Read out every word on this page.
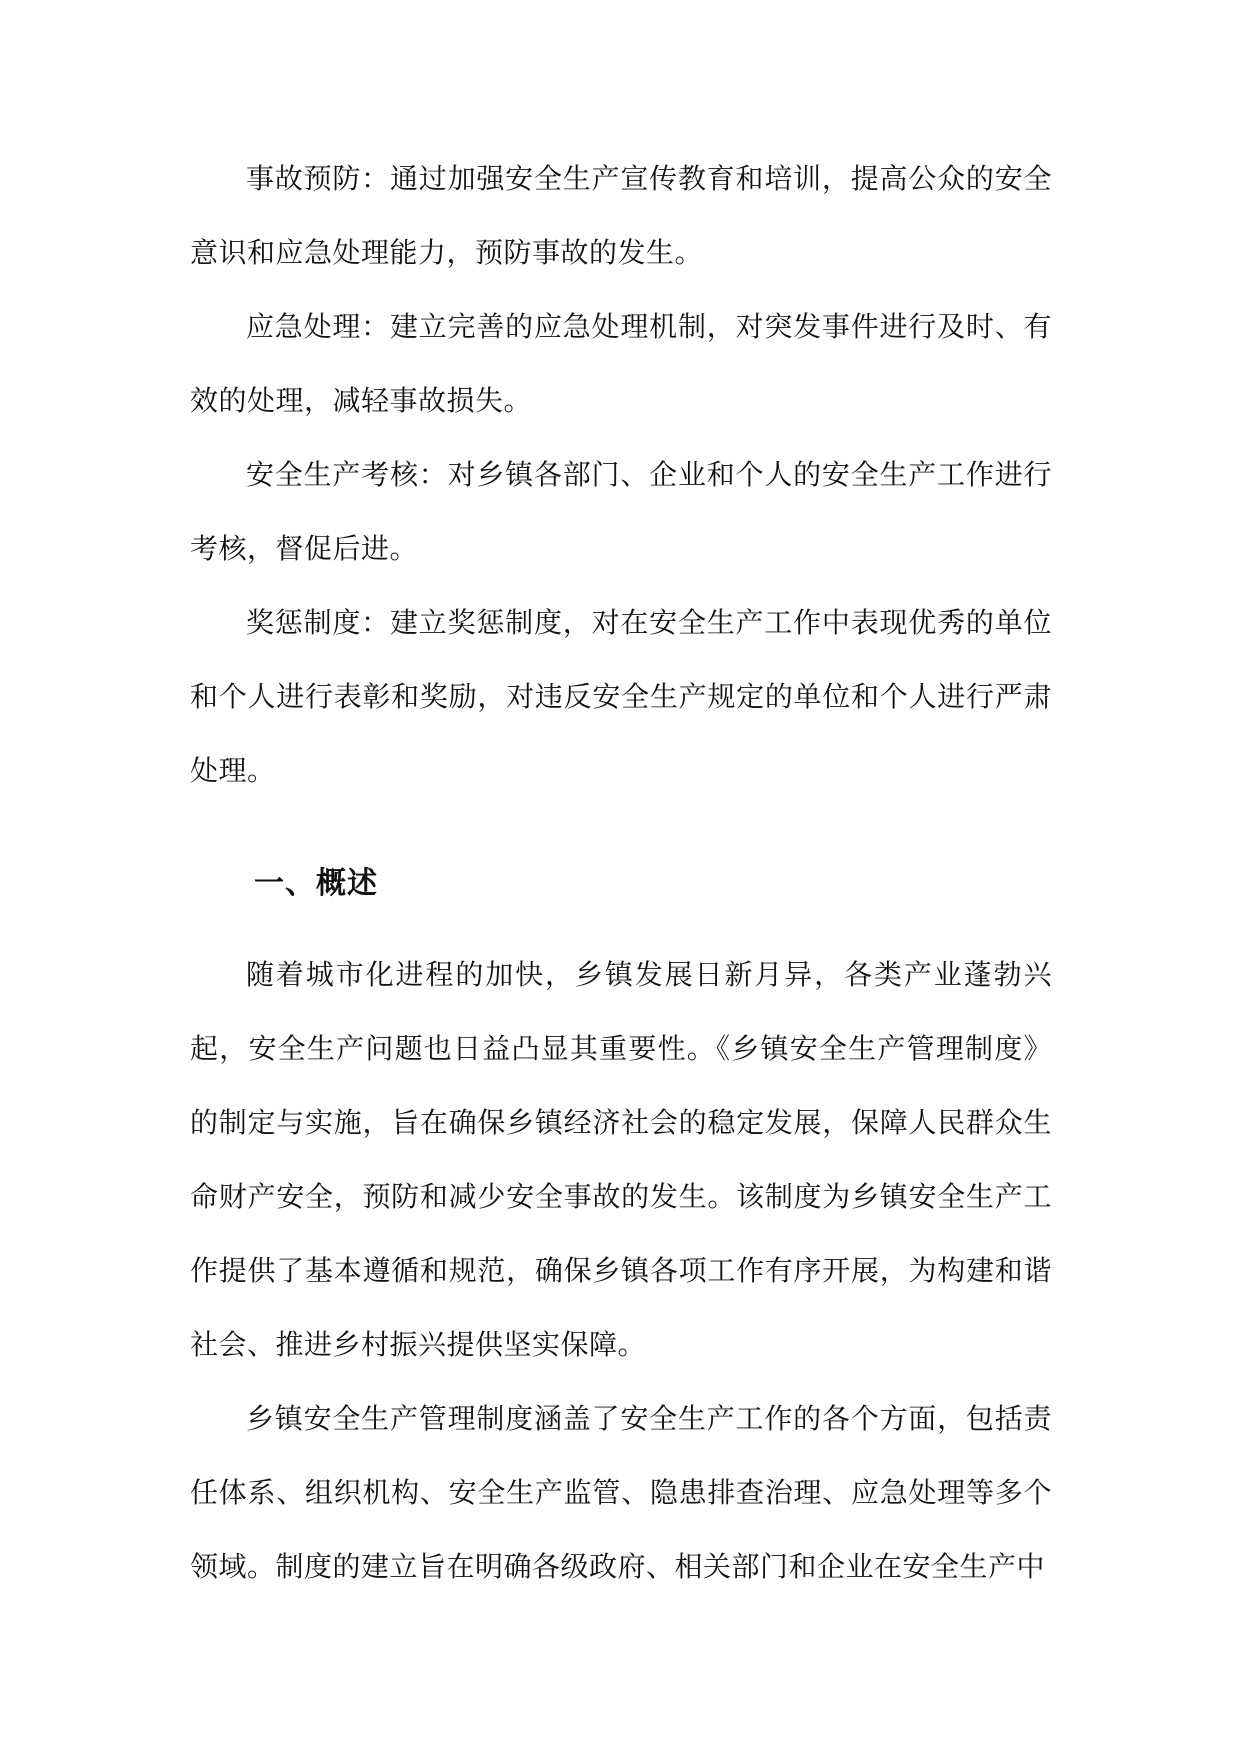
事故预防：通过加强安全生产宣传教育和培训，提高公众的安全意识和应急处理能力，预防事故的发生。

应急处理：建立完善的应急处理机制，对突发事件进行及时、有效的处理，减轻事故损失。

安全生产考核：对乡镇各部门、企业和个人的安全生产工作进行考核，督促后进。

奖惩制度：建立奖惩制度，对在安全生产工作中表现优秀的单位和个人进行表彰和奖励，对违反安全生产规定的单位和个人进行严肃处理。

一、概述

随着城市化进程的加快，乡镇发展日新月异，各类产业蓬勃兴起，安全生产问题也日益凸显其重要性。《乡镇安全生产管理制度》的制定与实施，旨在确保乡镇经济社会的稳定发展，保障人民群众生命财产安全，预防和减少安全事故的发生。该制度为乡镇安全生产工作提供了基本遵循和规范，确保乡镇各项工作有序开展，为构建和谐社会、推进乡村振兴提供坚实保障。

乡镇安全生产管理制度涵盖了安全生产工作的各个方面，包括责任体系、组织机构、安全生产监管、隐患排查治理、应急处理等多个领域。制度的建立旨在明确各级政府、相关部门和企业在安全生产中
